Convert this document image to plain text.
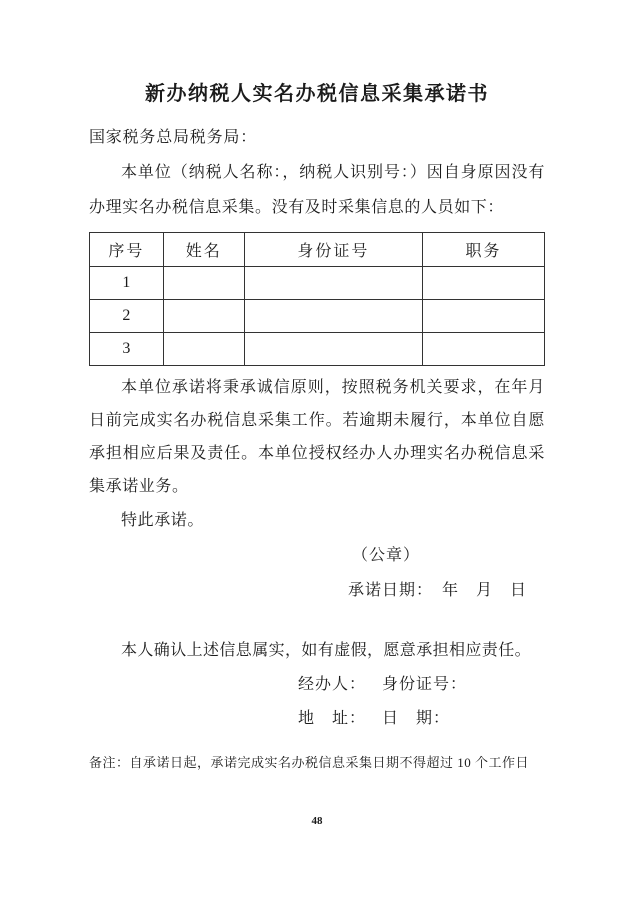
新办纳税人实名办税信息采集承诺书

国家税务总局税务局：

本单位（纳税人名称：，纳税人识别号：）因自身原因没有办理实名办税信息采集。没有及时采集信息的人员如下：

序号	姓名	身份证号	职务
1			
2			
3			

本单位承诺将秉承诚信原则，按照税务机关要求，在年月日前完成实名办税信息采集工作。若逾期未履行，本单位自愿承担相应后果及责任。本单位授权经办人办理实名办税信息采集承诺业务。

特此承诺。

（公章）

承诺日期：　年　月　日

本人确认上述信息属实，如有虚假，愿意承担相应责任。

经办人： 身份证号：
地　址： 日　期：

备注：自承诺日起，承诺完成实名办税信息采集日期不得超过 10 个工作日

48
